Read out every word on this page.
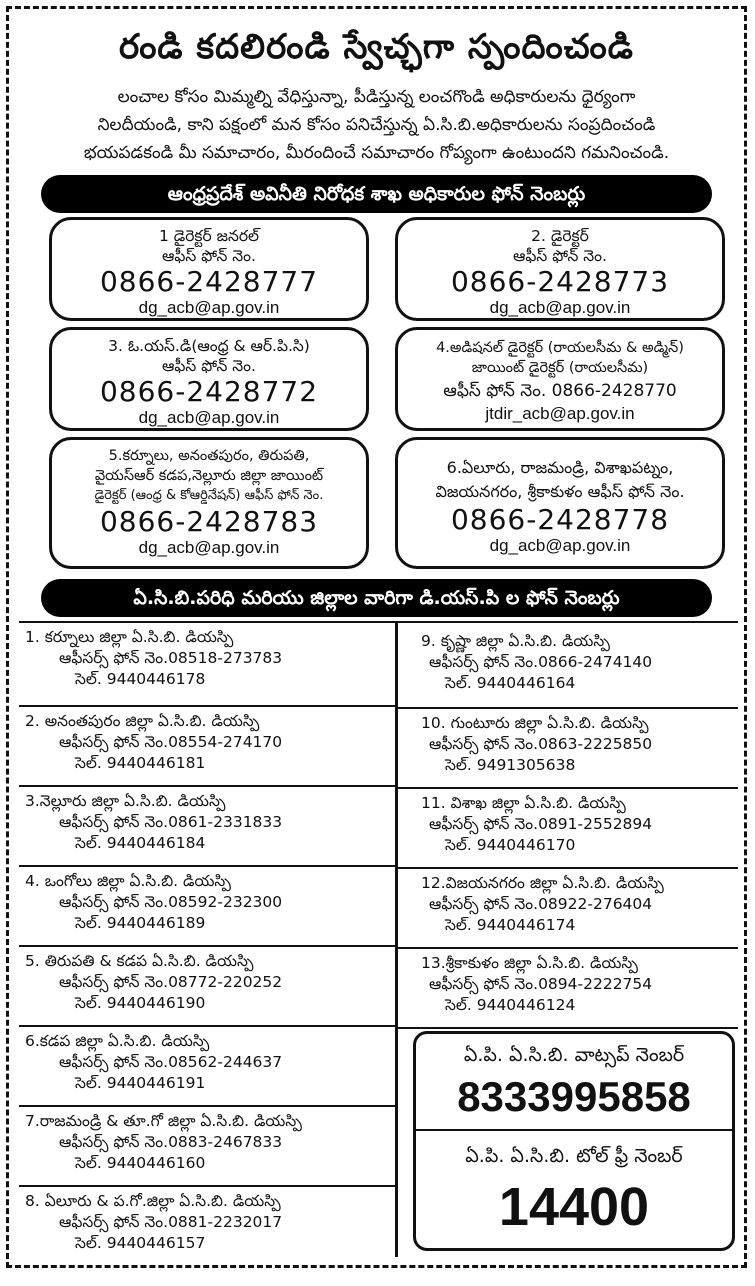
రండి కదలిరండి స్వేచ్ఛగా స్పందించండి
లంచాల కోసం మిమ్మల్ని వేధిస్తున్నా, పీడిస్తున్న లంచగొండి అధికారులను ధైర్యంగా
నిలదీయండి, కాని పక్షంలో మన కోసం పనిచేస్తున్న ఏ.సి.బి.అధికారులను సంప్రదించండి
భయపడకండి మీ సమాచారం, మీరందించే సమాచారం గోప్యంగా ఉంటుందని గమనించండి.
ఆంధ్రప్రదేశ్ అవినీతి నిరోధక శాఖ అధికారుల ఫోన్ నెంబర్లు
1 డైరెక్టర్ జనరల్
ఆఫీస్ ఫోన్ నెం.
0866-2428777
dg_acb@ap.gov.in
2. డైరెక్టర్
ఆఫీస్ ఫోన్ నెం.
0866-2428773
dg_acb@ap.gov.in
3. ఓ.యస్.డి(ఆంధ్ర & ఆర్.పి.సి)
ఆఫీస్ ఫోన్ నెం.
0866-2428772
dg_acb@ap.gov.in
4.అడిషనల్ డైరెక్టర్ (రాయలసీమ & అడ్మిన్)
జాయింట్ డైరెక్టర్ (రాయలసీమ)
ఆఫీస్ ఫోన్ నెం. 0866-2428770
jtdir_acb@ap.gov.in
5.కర్నూలు, అనంతపురం, తిరుపతి,
వైయస్ఆర్ కడప,నెల్లూరు జిల్లా జాయింట్
డైరెక్టర్ (ఆంధ్ర & కోఆర్డినేషన్) ఆఫీస్ ఫోన్ నెం.
0866-2428783
dg_acb@ap.gov.in
6.ఏలూరు, రాజమండ్రి, విశాఖపట్నం,
విజయనగరం, శ్రీకాకుళం ఆఫీస్ ఫోన్ నెం.
0866-2428778
dg_acb@ap.gov.in
ఏ.సి.బి.పరిధి మరియు జిల్లాల వారిగా డి.యస్.పి ల ఫోన్ నెంబర్లు
1. కర్నూలు జిల్లా ఏ.సి.బి. డియస్పి
ఆఫీసర్స్ ఫోన్ నెం.08518-273783
సెల్. 9440446178
2. అనంతపురం జిల్లా ఏ.సి.బి. డియస్పి
ఆఫీసర్స్ ఫోన్ నెం.08554-274170
సెల్. 9440446181
3.నెల్లూరు జిల్లా ఏ.సి.బి. డియస్పి
ఆఫీసర్స్ ఫోన్ నెం.0861-2331833
సెల్. 9440446184
4. ఒంగోలు జిల్లా ఏ.సి.బి. డియస్పి
ఆఫీసర్స్ ఫోన్ నెం.08592-232300
సెల్. 9440446189
5. తిరుపతి & కడప ఏ.సి.బి. డియస్పి
ఆఫీసర్స్ ఫోన్ నెం.08772-220252
సెల్. 9440446190
6.కడప జిల్లా ఏ.సి.బి. డియస్పి
ఆఫీసర్స్ ఫోన్ నెం.08562-244637
సెల్. 9440446191
7.రాజమండ్రి & తూ.గో జిల్లా ఏ.సి.బి. డియస్పి
ఆఫీసర్స్ ఫోన్ నెం.0883-2467833
సెల్. 9440446160
8. ఏలూరు & ప.గో.జిల్లా ఏ.సి.బి. డియస్పి
ఆఫీసర్స్ ఫోన్ నెం.0881-2232017
సెల్. 9440446157
9. కృష్ణా జిల్లా ఏ.సి.బి. డియస్పి
ఆఫీసర్స్ ఫోన్ నెం.0866-2474140
సెల్. 9440446164
10. గుంటూరు జిల్లా ఏ.సి.బి. డియస్పి
ఆఫీసర్స్ ఫోన్ నెం.0863-2225850
సెల్. 9491305638
11. విశాఖ జిల్లా ఏ.సి.బి. డియస్పి
ఆఫీసర్స్ ఫోన్ నెం.0891-2552894
సెల్. 9440446170
12.విజయనగరం జిల్లా ఏ.సి.బి. డియస్పి
ఆఫీసర్స్ ఫోన్ నెం.08922-276404
సెల్. 9440446174
13.శ్రీకాకుళం జిల్లా ఏ.సి.బి. డియస్పి
ఆఫీసర్స్ ఫోన్ నెం.0894-2222754
సెల్. 9440446124
ఏ.పి. ఏ.సి.బి. వాట్సప్ నెంబర్
8333995858
ఏ.పి. ఏ.సి.బి. టోల్ ఫ్రీ నెంబర్
14400
